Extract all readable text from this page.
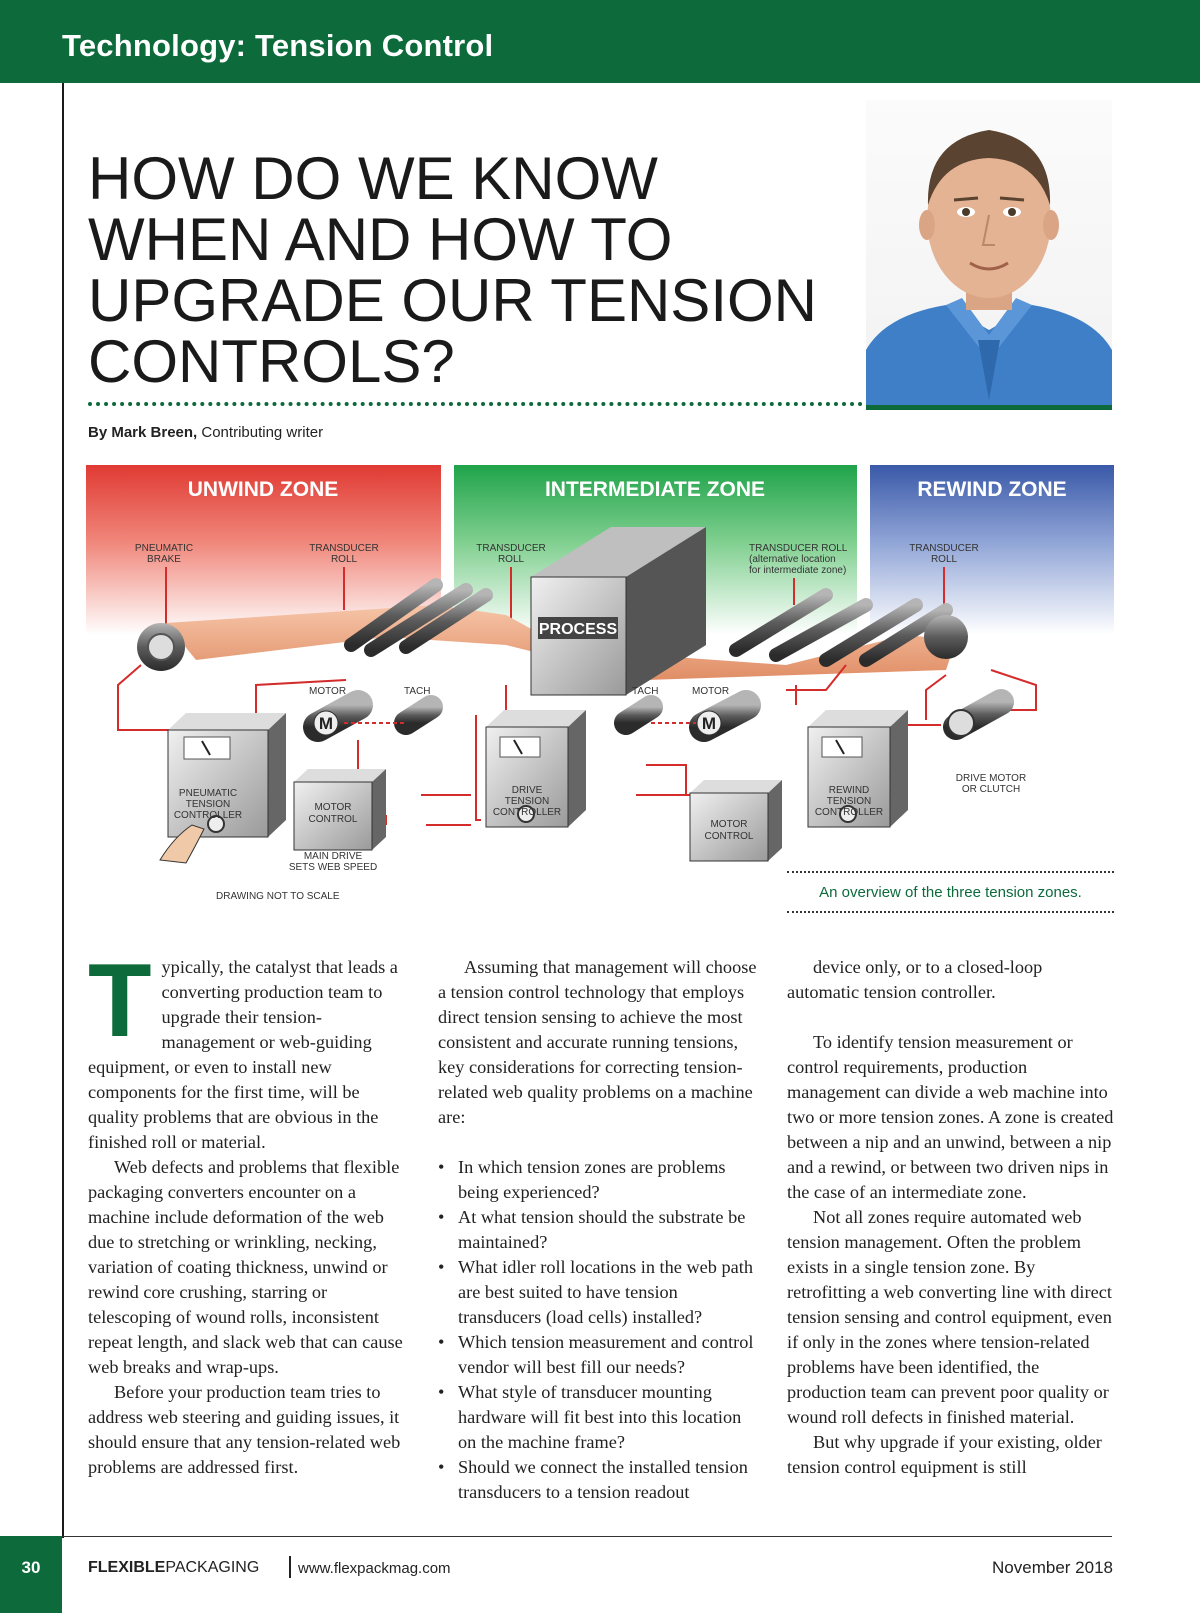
Technology: Tension Control
HOW DO WE KNOW
WHEN AND HOW TO
UPGRADE OUR TENSION
CONTROLS?
By Mark Breen, Contributing writer
UNWIND ZONE	INTERMEDIATE ZONE	REWIND ZONE
PNEUMATIC
BRAKE
TRANSDUCER
ROLL
TRANSDUCER
ROLL
TRANSDUCER ROLL
(alternative location
for intermediate zone)
TRANSDUCER
ROLL
PROCESS
M	M
MOTOR	TACH	TACH	MOTOR
PNEUMATIC
TENSION
CONTROLLER
MOTOR
CONTROL
MAIN DRIVE
SETS WEB SPEED
DRIVE
TENSION
CONTROLLER
MOTOR
CONTROL
REWIND
TENSION
CONTROLLER
DRIVE MOTOR
OR CLUTCH
DRAWING NOT TO SCALE	An overview of the three tension zones.
T ypically, the catalyst that leads a converting production team to upgrade their tension-management or web-guiding equipment, or even to install new components for the first time, will be quality problems that are obvious in the finished roll or material.

Web defects and problems that flexible packaging converters encounter on a machine include deformation of the web due to stretching or wrinkling, necking, variation of coating thickness, unwind or rewind core crushing, starring or telescoping of wound rolls, inconsistent repeat length, and slack web that can cause web breaks and wrap-ups.

Before your production team tries to address web steering and guiding issues, it should ensure that any tension-related web problems are addressed first.

Assuming that management will choose a tension control technology that employs direct tension sensing to achieve the most consistent and accurate running tensions, key considerations for correcting tension-related web quality problems on a machine are:

• In which tension zones are problems being experienced?
• At what tension should the substrate be maintained?
• What idler roll locations in the web path are best suited to have tension transducers (load cells) installed?
• Which tension measurement and control vendor will best fill our needs?
• What style of transducer mounting hardware will fit best into this location on the machine frame?
• Should we connect the installed tension transducers to a tension readout

device only, or to a closed-loop automatic tension controller.

To identify tension measurement or control requirements, production management can divide a web machine into two or more tension zones. A zone is created between a nip and an unwind, between a nip and a rewind, or between two driven nips in the case of an intermediate zone.

Not all zones require automated web tension management. Often the problem exists in a single tension zone. By retrofitting a web converting line with direct tension sensing and control equipment, even if only in the zones where tension-related problems have been identified, the production team can prevent poor quality or wound roll defects in finished material.

But why upgrade if your existing, older tension control equipment is still

30	FLEXIBLEPACKAGING	www.flexpackmag.com	November 2018
